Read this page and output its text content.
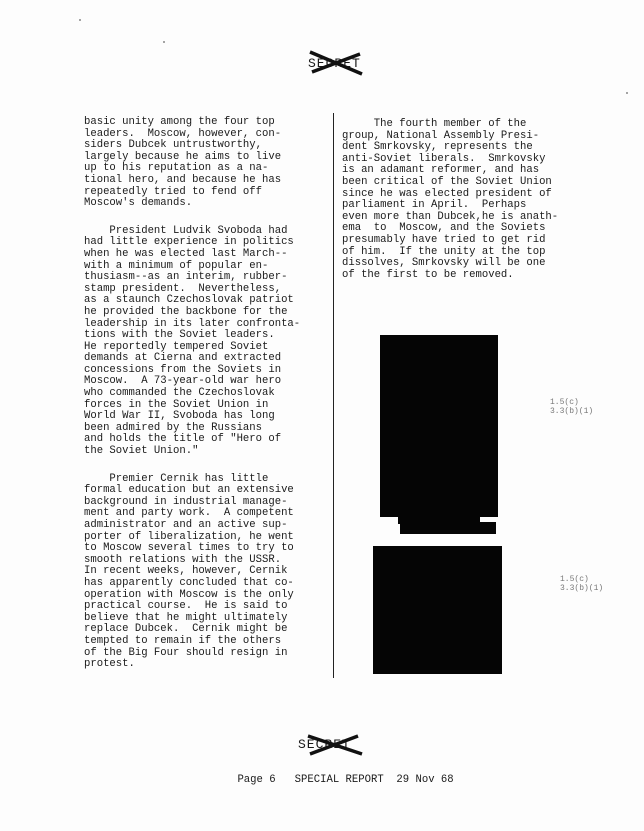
SECRET
basic unity among the four top
leaders.  Moscow, however, con-
siders Dubcek untrustworthy,
largely because he aims to live
up to his reputation as a na-
tional hero, and because he has
repeatedly tried to fend off
Moscow's demands.
President Ludvik Svoboda had
had little experience in politics
when he was elected last March--
with a minimum of popular en-
thusiasm--as an interim, rubber-
stamp president.  Nevertheless,
as a staunch Czechoslovak patriot
he provided the backbone for the
leadership in its later confronta-
tions with the Soviet leaders.
He reportedly tempered Soviet
demands at Cierna and extracted
concessions from the Soviets in
Moscow.  A 73-year-old war hero
who commanded the Czechoslovak
forces in the Soviet Union in
World War II, Svoboda has long
been admired by the Russians
and holds the title of "Hero of
the Soviet Union."
Premier Cernik has little
formal education but an extensive
background in industrial manage-
ment and party work.  A competent
administrator and an active sup-
porter of liberalization, he went
to Moscow several times to try to
smooth relations with the USSR.
In recent weeks, however, Cernik
has apparently concluded that co-
operation with Moscow is the only
practical course.  He is said to
believe that he might ultimately
replace Dubcek.  Cernik might be
tempted to remain if the others
of the Big Four should resign in
protest.
The fourth member of the
group, National Assembly Presi-
dent Smrkovsky, represents the
anti-Soviet liberals.  Smrkovsky
is an adamant reformer, and has
been critical of the Soviet Union
since he was elected president of
parliament in April.  Perhaps
even more than Dubcek,he is anath-
ema  to  Moscow, and the Soviets
presumably have tried to get rid
of him.  If the unity at the top
dissolves, Smrkovsky will be one
of the first to be removed.
1.5(c)
3.3(b)(1)
1.5(c)
3.3(b)(1)
SECRET

Page 6 SPECIAL REPORT 29 Nov 68
